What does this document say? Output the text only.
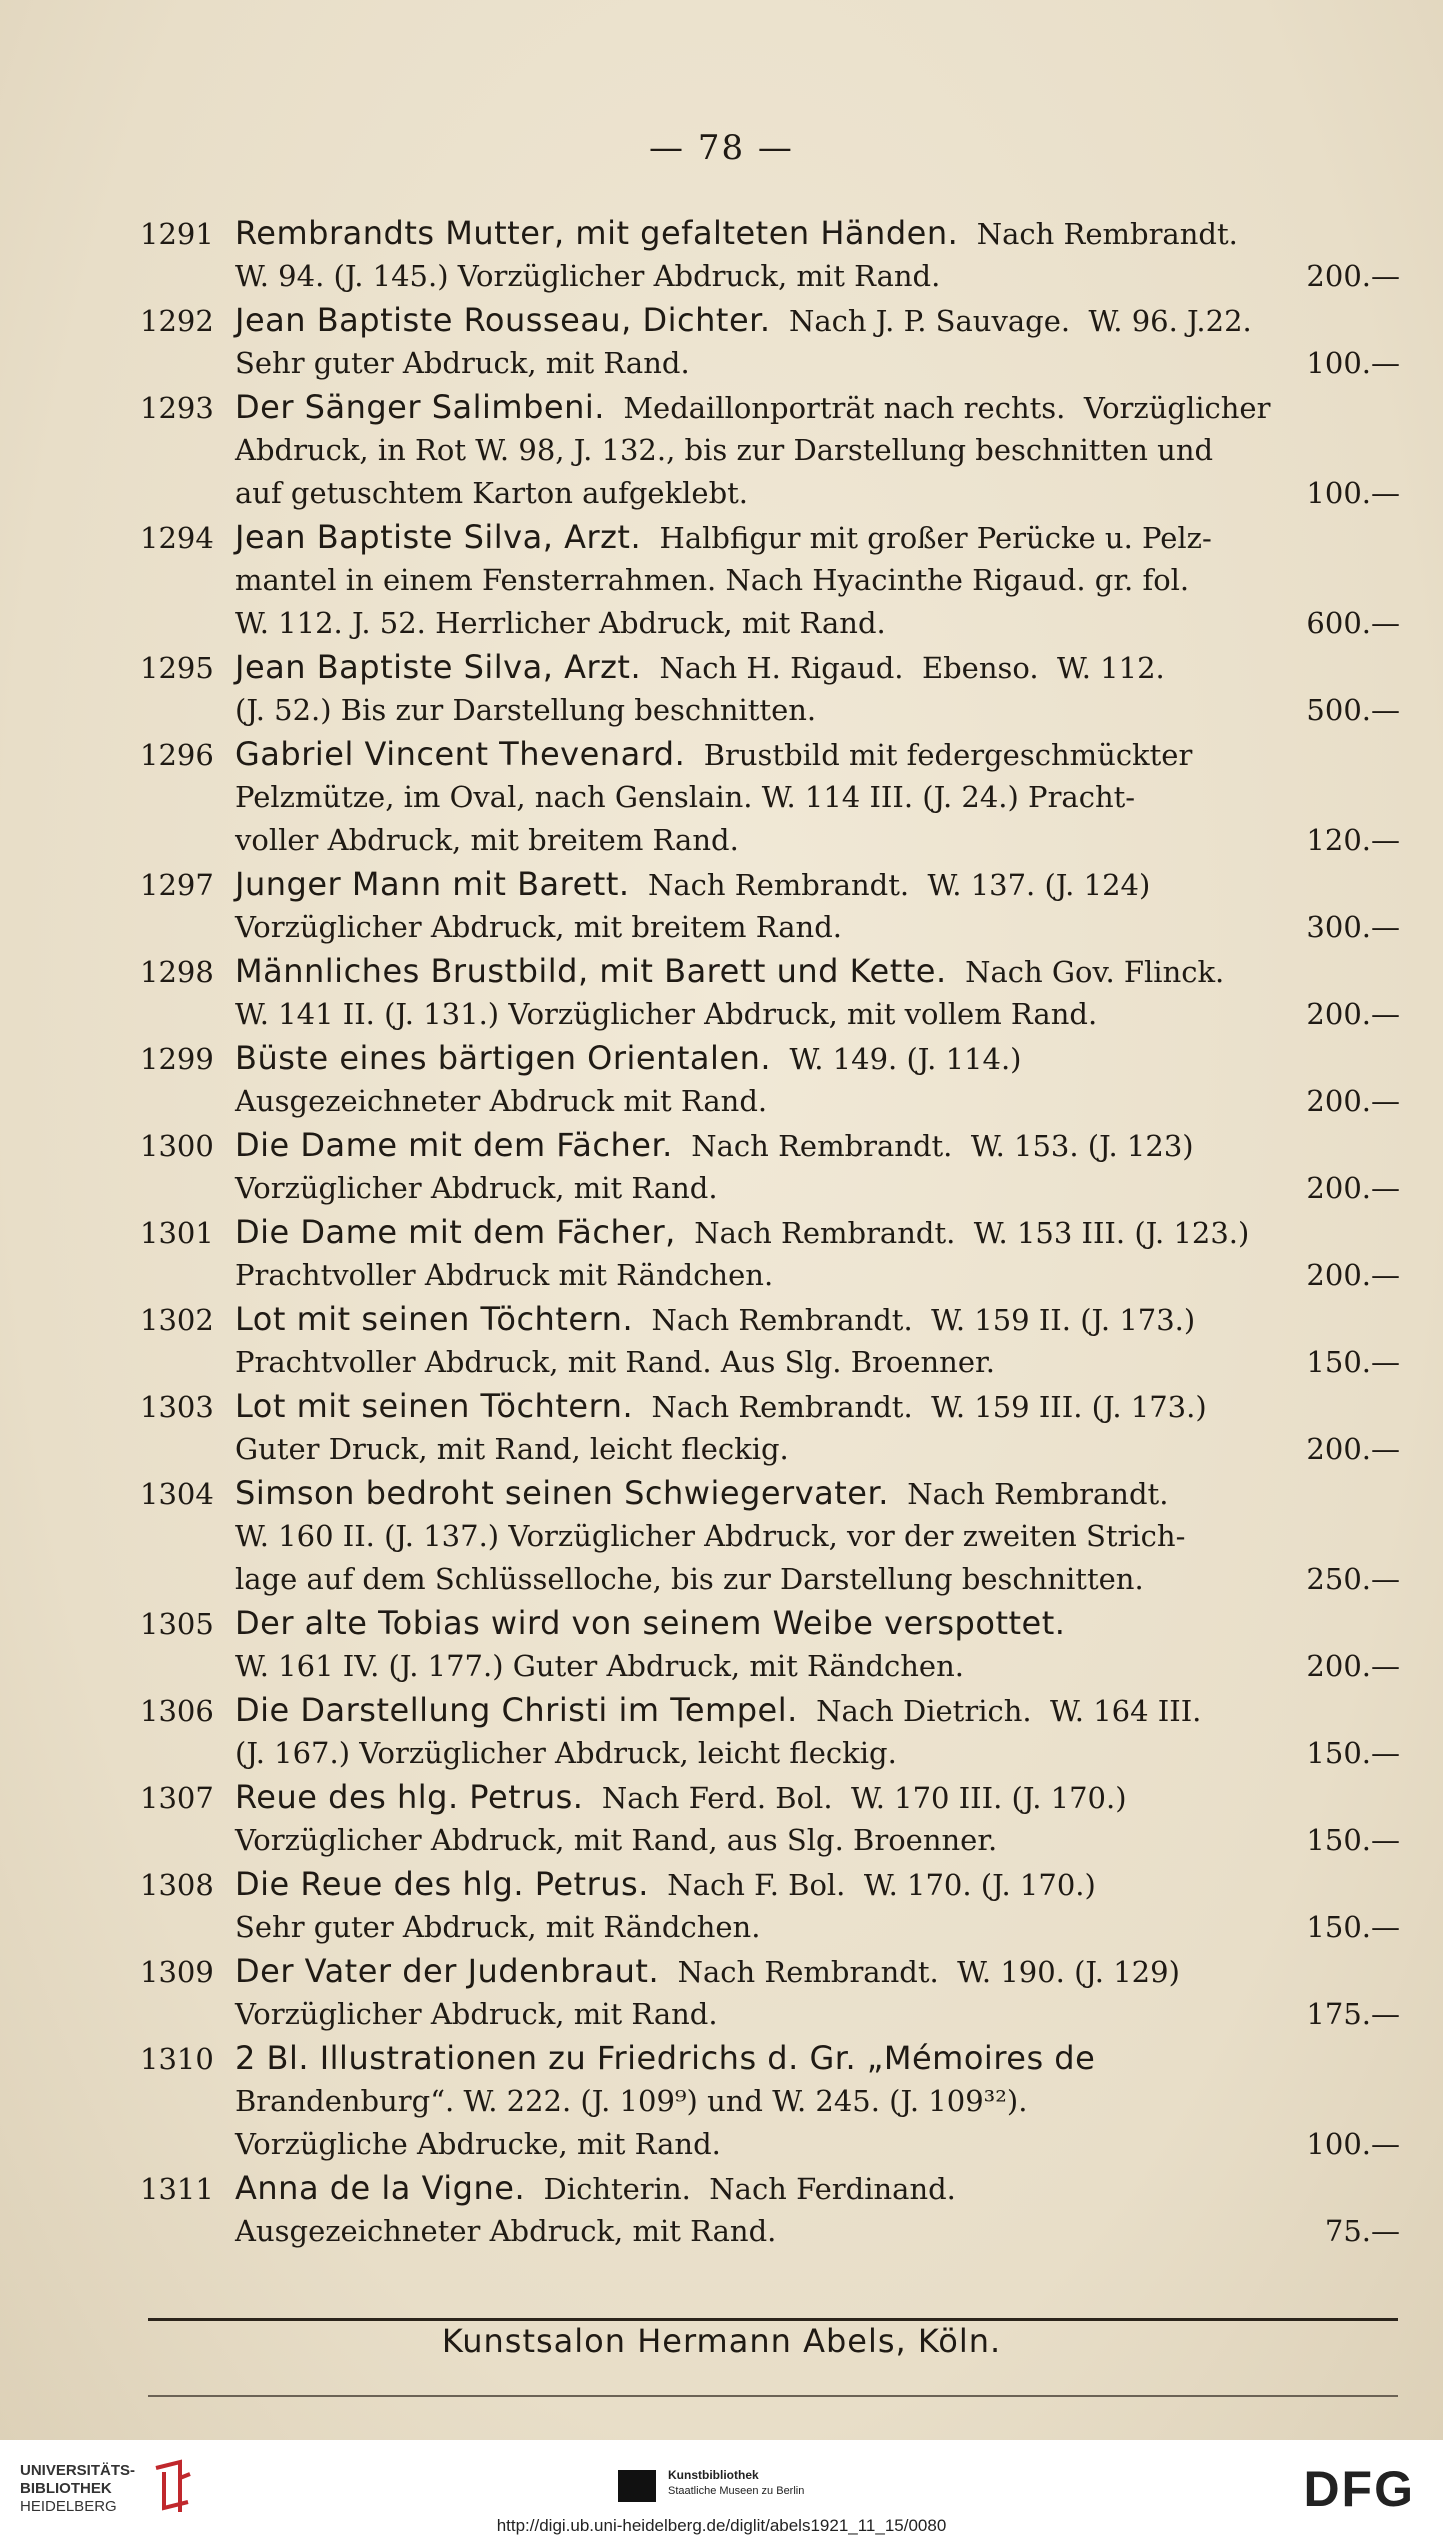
— 78 —
1291 Rembrandts Mutter, mit gefalteten Händen.  Nach Rembrandt.
W. 94. (J. 145.) Vorzüglicher Abdruck, mit Rand.	200.—
1292 Jean Baptiste Rousseau, Dichter.  Nach J. P. Sauvage.  W. 96. J.22.
Sehr guter Abdruck, mit Rand.	100.—
1293 Der Sänger Salimbeni.  Medaillonporträt nach rechts.  Vorzüglicher
Abdruck, in Rot W. 98, J. 132., bis zur Darstellung beschnitten und
auf getuschtem Karton aufgeklebt.	100.—
1294 Jean Baptiste Silva, Arzt.  Halbfigur mit großer Perücke u. Pelz-
mantel in einem Fensterrahmen. Nach Hyacinthe Rigaud. gr. fol.
W. 112. J. 52. Herrlicher Abdruck, mit Rand.	600.—
1295 Jean Baptiste Silva, Arzt.  Nach H. Rigaud.  Ebenso.  W. 112.
(J. 52.) Bis zur Darstellung beschnitten.	500.—
1296 Gabriel Vincent Thevenard.  Brustbild mit federgeschmückter
Pelzmütze, im Oval, nach Genslain. W. 114 III. (J. 24.) Pracht-
voller Abdruck, mit breitem Rand.	120.—
1297 Junger Mann mit Barett.  Nach Rembrandt.  W. 137. (J. 124)
Vorzüglicher Abdruck, mit breitem Rand.	300.—
1298 Männliches Brustbild, mit Barett und Kette.  Nach Gov. Flinck.
W. 141 II. (J. 131.) Vorzüglicher Abdruck, mit vollem Rand.	200.—
1299 Büste eines bärtigen Orientalen.  W. 149. (J. 114.)
Ausgezeichneter Abdruck mit Rand.	200.—
1300 Die Dame mit dem Fächer.  Nach Rembrandt.  W. 153. (J. 123)
Vorzüglicher Abdruck, mit Rand.	200.—
1301 Die Dame mit dem Fächer,  Nach Rembrandt.  W. 153 III. (J. 123.)
Prachtvoller Abdruck mit Rändchen.	200.—
1302 Lot mit seinen Töchtern.  Nach Rembrandt.  W. 159 II. (J. 173.)
Prachtvoller Abdruck, mit Rand. Aus Slg. Broenner.	150.—
1303 Lot mit seinen Töchtern.  Nach Rembrandt.  W. 159 III. (J. 173.)
Guter Druck, mit Rand, leicht fleckig.	200.—
1304 Simson bedroht seinen Schwiegervater.  Nach Rembrandt.
W. 160 II. (J. 137.) Vorzüglicher Abdruck, vor der zweiten Strich-
lage auf dem Schlüsselloche, bis zur Darstellung beschnitten.	250.—
1305 Der alte Tobias wird von seinem Weibe verspottet.
W. 161 IV. (J. 177.) Guter Abdruck, mit Rändchen.	200.—
1306 Die Darstellung Christi im Tempel.  Nach Dietrich.  W. 164 III.
(J. 167.) Vorzüglicher Abdruck, leicht fleckig.	150.—
1307 Reue des hlg. Petrus.  Nach Ferd. Bol.  W. 170 III. (J. 170.)
Vorzüglicher Abdruck, mit Rand, aus Slg. Broenner.	150.—
1308 Die Reue des hlg. Petrus.  Nach F. Bol.  W. 170. (J. 170.)
Sehr guter Abdruck, mit Rändchen.	150.—
1309 Der Vater der Judenbraut.  Nach Rembrandt.  W. 190. (J. 129)
Vorzüglicher Abdruck, mit Rand.	175.—
1310 2 Bl. Illustrationen zu Friedrichs d. Gr. „Mémoires de
Brandenburg“. W. 222. (J. 109⁹) und W. 245. (J. 109³²).
Vorzügliche Abdrucke, mit Rand.	100.—
1311 Anna de la Vigne.  Dichterin.  Nach Ferdinand.
Ausgezeichneter Abdruck, mit Rand.	75.—
Kunstsalon Hermann Abels, Köln.
UNIVERSITÄTS-
BIBLIOTHEK
HEIDELBERG
Kunstbibliothek
Staatliche Museen zu Berlin	DFG
http://digi.ub.uni-heidelberg.de/diglit/abels1921_11_15/0080
